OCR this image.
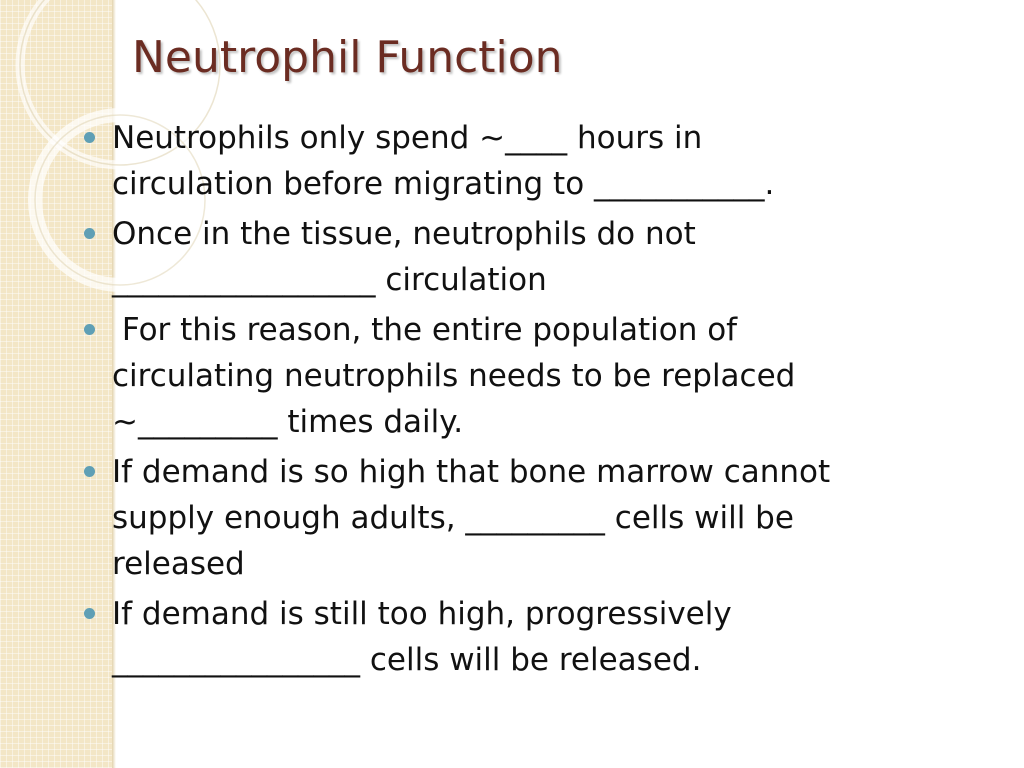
Neutrophil Function
Neutrophils only spend ~____ hours in
circulation before migrating to ___________.
Once in the tissue, neutrophils do not
_________________ circulation
For this reason, the entire population of
circulating neutrophils needs to be replaced
~_________ times daily.
If demand is so high that bone marrow cannot
supply enough adults, _________ cells will be
released
If demand is still too high, progressively
________________ cells will be released.
